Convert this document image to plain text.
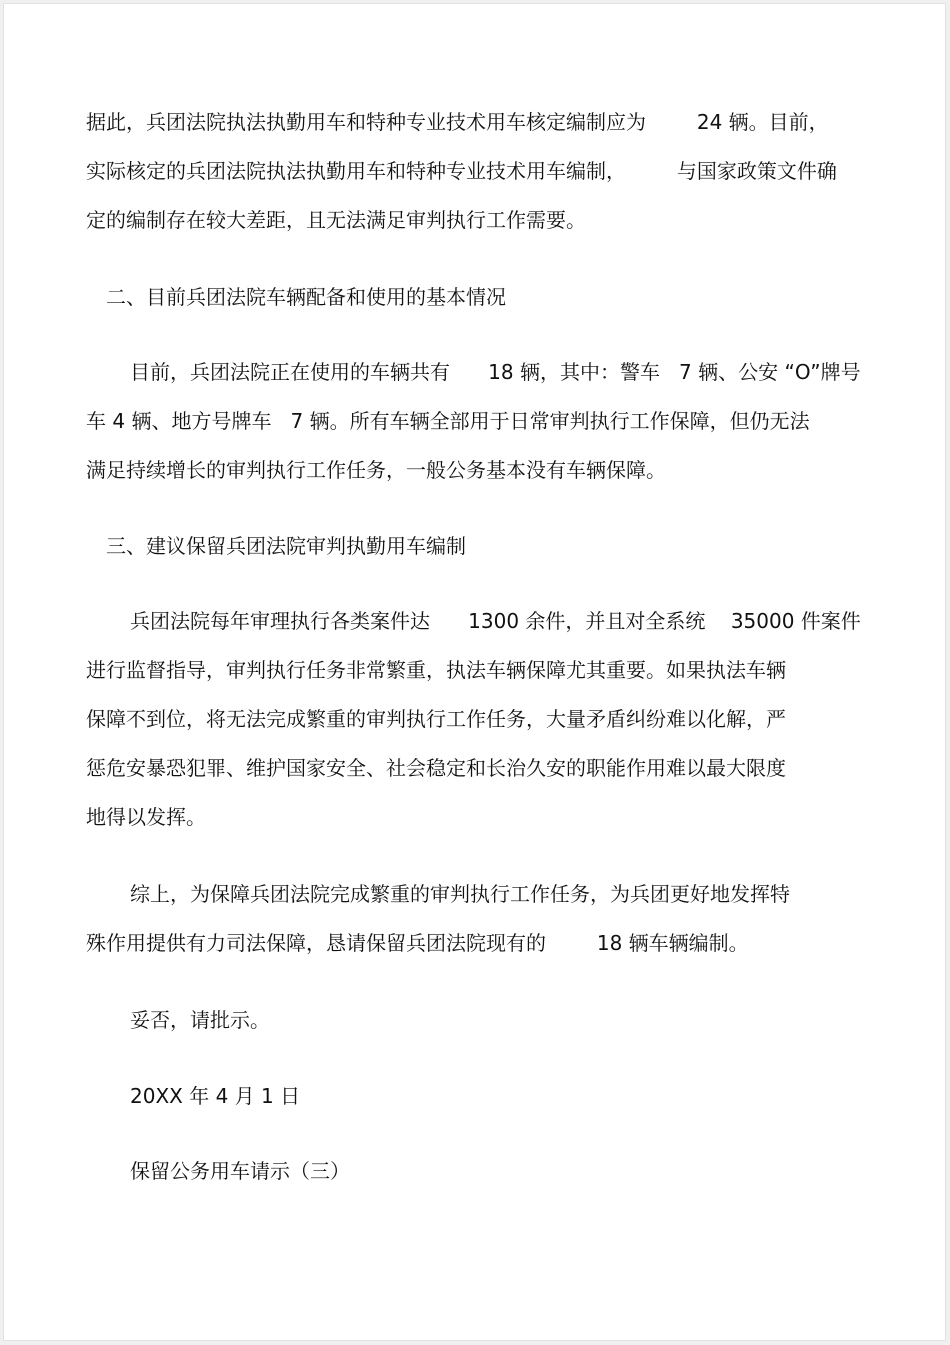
据此，兵团法院执法执勤用车和特种专业技术用车核定编制应为        24 辆。目前，

实际核定的兵团法院执法执勤用车和特种专业技术用车编制，        与国家政策文件确

定的编制存在较大差距，且无法满足审判执行工作需要。

二、目前兵团法院车辆配备和使用的基本情况

目前，兵团法院正在使用的车辆共有      18 辆，其中：警车   7 辆、公安 “O”牌号

车 4 辆、地方号牌车   7 辆。所有车辆全部用于日常审判执行工作保障，但仍无法

满足持续增长的审判执行工作任务，一般公务基本没有车辆保障。

三、建议保留兵团法院审判执勤用车编制

兵团法院每年审理执行各类案件达      1300 余件，并且对全系统    35000 件案件

进行监督指导，审判执行任务非常繁重，执法车辆保障尤其重要。如果执法车辆

保障不到位，将无法完成繁重的审判执行工作任务，大量矛盾纠纷难以化解，严

惩危安暴恐犯罪、维护国家安全、社会稳定和长治久安的职能作用难以最大限度

地得以发挥。

综上，为保障兵团法院完成繁重的审判执行工作任务，为兵团更好地发挥特

殊作用提供有力司法保障，恳请保留兵团法院现有的        18 辆车辆编制。

妥否，请批示。

20XX 年 4 月 1 日

保留公务用车请示（三）
